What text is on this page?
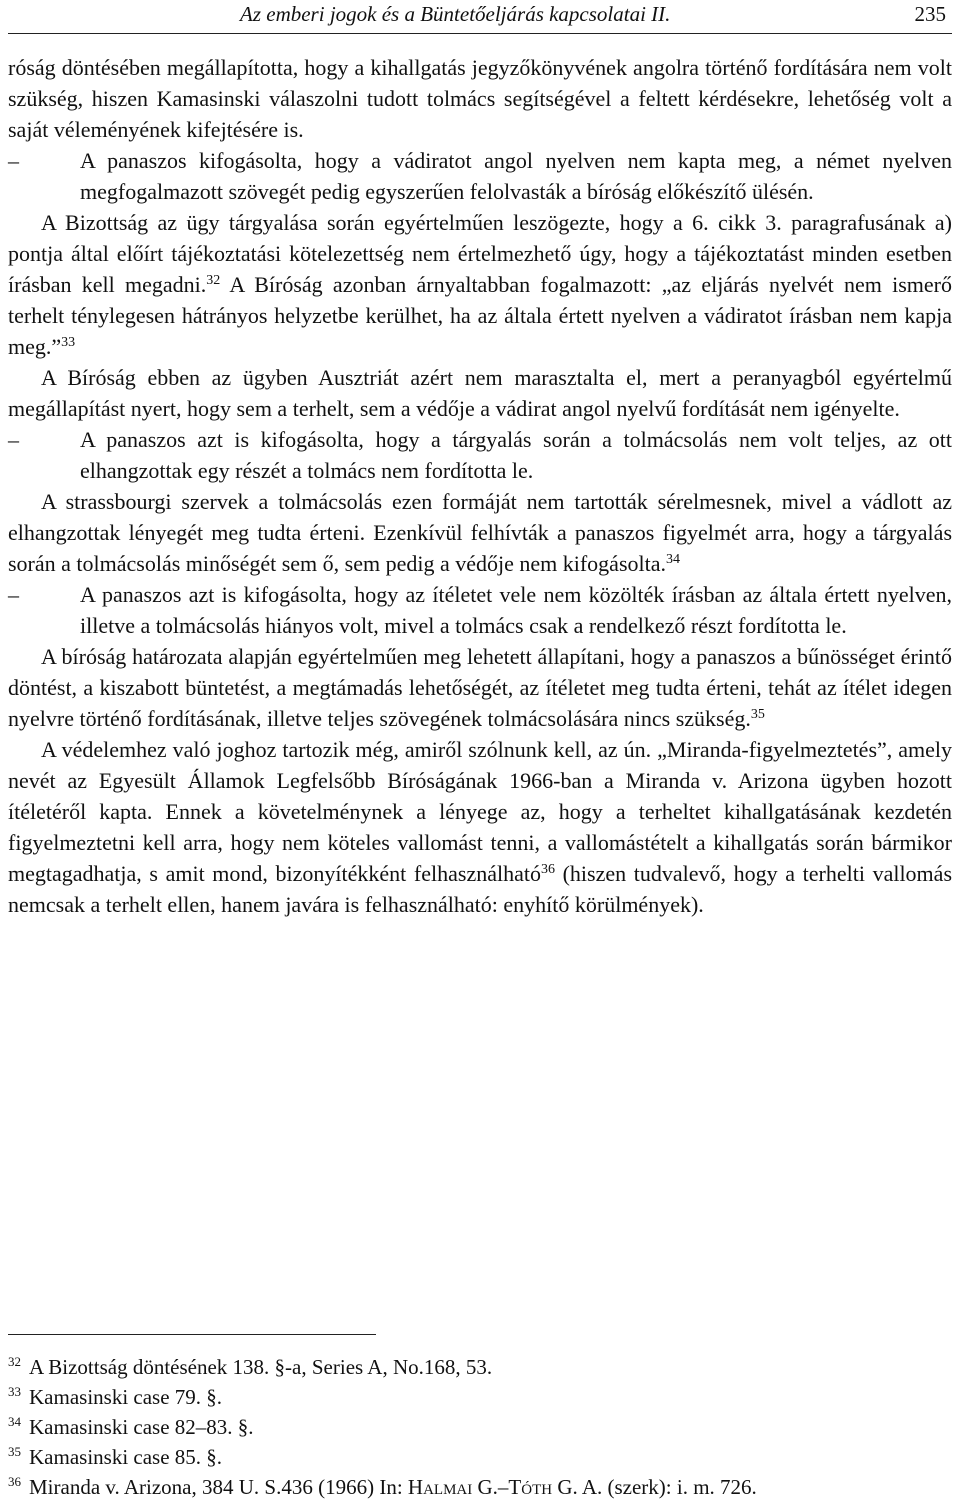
Az emberi jogok és a Büntetőeljárás kapcsolatai II.	235

róság döntésében megállapította, hogy a kihallgatás jegyzőkönyvének angolra történő fordítására nem volt szükség, hiszen Kamasinski válaszolni tudott tolmács segítségével a feltett kérdésekre, lehetőség volt a saját véleményének kifejtésére is.

–	A panaszos kifogásolta, hogy a vádiratot angol nyelven nem kapta meg, a német nyelven megfogalmazott szövegét pedig egyszerűen felolvasták a bíróság előkészítő ülésén.

A Bizottság az ügy tárgyalása során egyértelműen leszögezte, hogy a 6. cikk 3. paragrafusának a) pontja által előírt tájékoztatási kötelezettség nem értelmezhető úgy, hogy a tájékoztatást minden esetben írásban kell megadni.$^{32}$ A Bíróság azonban árnyaltabban fogalmazott: „az eljárás nyelvét nem ismerő terhelt ténylegesen hátrányos helyzetbe kerülhet, ha az általa értett nyelven a vádiratot írásban nem kapja meg.”$^{33}$

A Bíróság ebben az ügyben Ausztriát azért nem marasztalta el, mert a peranyagból egyértelmű megállapítást nyert, hogy sem a terhelt, sem a védője a vádirat angol nyelvű fordítását nem igényelte.

–	A panaszos azt is kifogásolta, hogy a tárgyalás során a tolmácsolás nem volt teljes, az ott elhangzottak egy részét a tolmács nem fordította le.

A strassbourgi szervek a tolmácsolás ezen formáját nem tartották sérelmesnek, mivel a vádlott az elhangzottak lényegét meg tudta érteni. Ezenkívül felhívták a panaszos figyelmét arra, hogy a tárgyalás során a tolmácsolás minőségét sem ő, sem pedig a védője nem kifogásolta.$^{34}$

–	A panaszos azt is kifogásolta, hogy az ítéletet vele nem közölték írásban az általa értett nyelven, illetve a tolmácsolás hiányos volt, mivel a tolmács csak a rendelkező részt fordította le.

A bíróság határozata alapján egyértelműen meg lehetett állapítani, hogy a panaszos a bűnösséget érintő döntést, a kiszabott büntetést, a megtámadás lehetőségét, az ítéletet meg tudta érteni, tehát az ítélet idegen nyelvre történő fordításának, illetve teljes szövegének tolmácsolására nincs szükség.$^{35}$

A védelemhez való joghoz tartozik még, amiről szólnunk kell, az ún. „Miranda-figyelmeztetés”, amely nevét az Egyesült Államok Legfelsőbb Bíróságának 1966-ban a Miranda v. Arizona ügyben hozott ítéletéről kapta. Ennek a követelménynek a lényege az, hogy a terheltet kihallgatásának kezdetén figyelmeztetni kell arra, hogy nem köteles vallomást tenni, a vallomástételt a kihallgatás során bármikor megtagadhatja, s amit mond, bizonyítékként felhasználható$^{36}$ (hiszen tudvalevő, hogy a terhelti vallomás nemcsak a terhelt ellen, hanem javára is felhasználható: enyhítő körülmények).

$^{32}$ A Bizottság döntésének 138. §-a, Series A, No.168, 53.
$^{33}$ Kamasinski case 79. §.
$^{34}$ Kamasinski case 82–83. §.
$^{35}$ Kamasinski case 85. §.
$^{36}$ Miranda v. Arizona, 384 U. S.436 (1966) In: Halmai G.–Tóth G. A. (szerk): i. m. 726.
